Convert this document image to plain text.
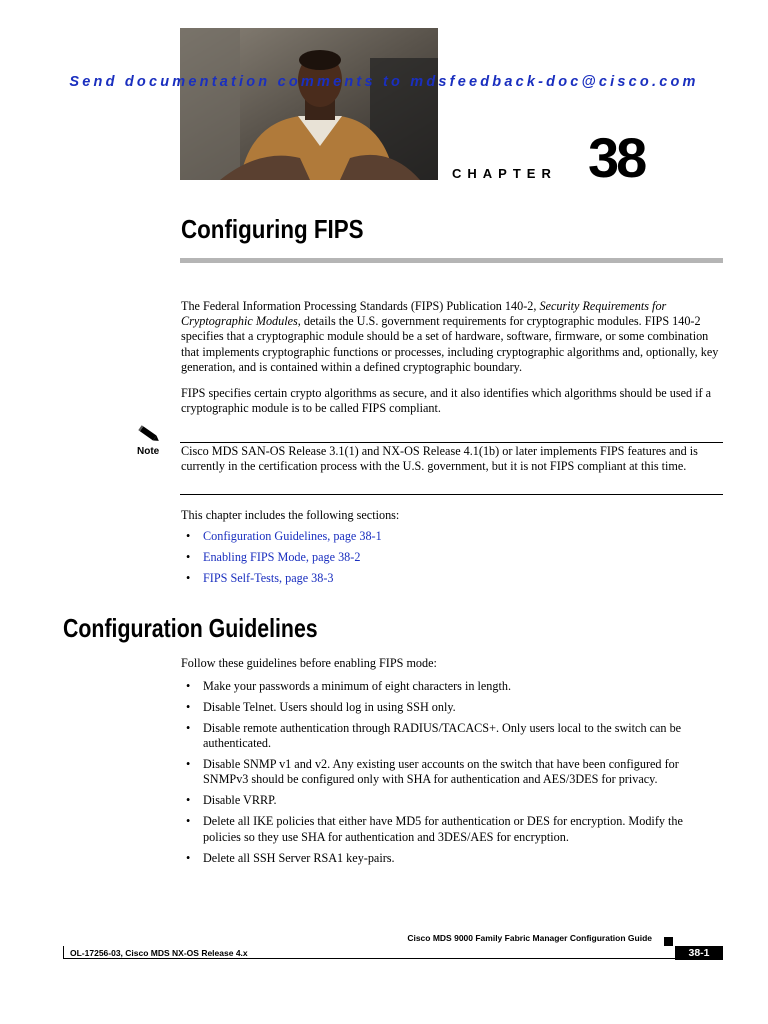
Send documentation comments to mdsfeedback-doc@cisco.com
CHAPTER 38
Configuring FIPS

The Federal Information Processing Standards (FIPS) Publication 140-2, Security Requirements for Cryptographic Modules, details the U.S. government requirements for cryptographic modules. FIPS 140-2 specifies that a cryptographic module should be a set of hardware, software, firmware, or some combination that implements cryptographic functions or processes, including cryptographic algorithms and, optionally, key generation, and is contained within a defined cryptographic boundary.

FIPS specifies certain crypto algorithms as secure, and it also identifies which algorithms should be used if a cryptographic module is to be called FIPS compliant.

Note Cisco MDS SAN-OS Release 3.1(1) and NX-OS Release 4.1(1b) or later implements FIPS features and is currently in the certification process with the U.S. government, but it is not FIPS compliant at this time.

This chapter includes the following sections:

• Configuration Guidelines, page 38-1
• Enabling FIPS Mode, page 38-2
• FIPS Self-Tests, page 38-3
Configuration Guidelines

Follow these guidelines before enabling FIPS mode:

• Make your passwords a minimum of eight characters in length.
• Disable Telnet. Users should log in using SSH only.
• Disable remote authentication through RADIUS/TACACS+. Only users local to the switch can be authenticated.
• Disable SNMP v1 and v2. Any existing user accounts on the switch that have been configured for SNMPv3 should be configured only with SHA for authentication and AES/3DES for privacy.
• Disable VRRP.
• Delete all IKE policies that either have MD5 for authentication or DES for encryption. Modify the policies so they use SHA for authentication and 3DES/AES for encryption.
• Delete all SSH Server RSA1 key-pairs.
Cisco MDS 9000 Family Fabric Manager Configuration Guide
OL-17256-03, Cisco MDS NX-OS Release 4.x	38-1
